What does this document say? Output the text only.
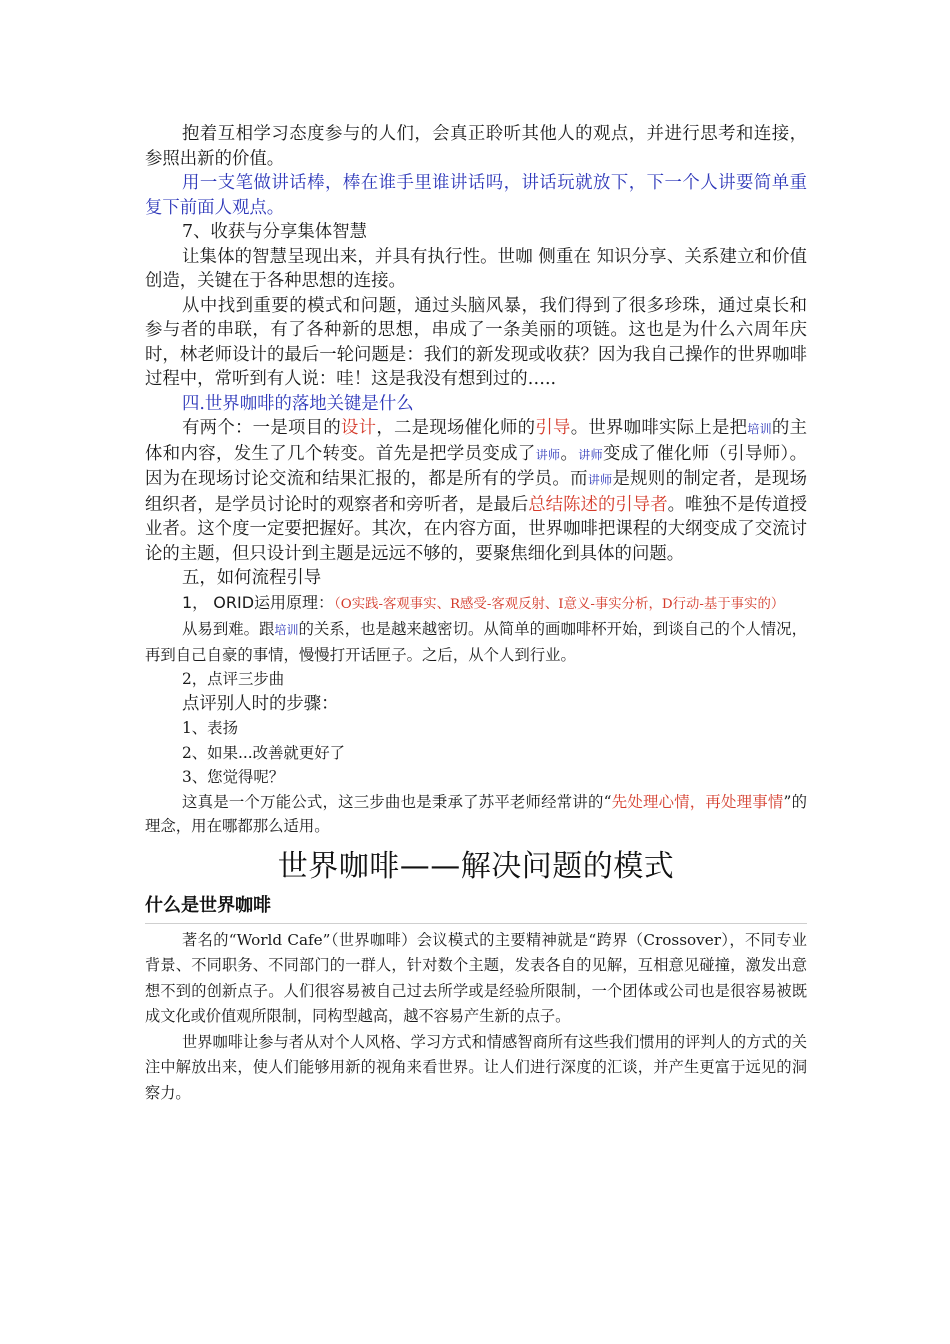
抱着互相学习态度参与的人们，会真正聆听其他人的观点，并进行思考和连接，参照出新的价值。

用一支笔做讲话棒，棒在谁手里谁讲话吗，讲话玩就放下，下一个人讲要简单重复下前面人观点。

7、收获与分享集体智慧

让集体的智慧呈现出来，并具有执行性。世咖 侧重在 知识分享、关系建立和价值创造，关键在于各种思想的连接。

从中找到重要的模式和问题，通过头脑风暴，我们得到了很多珍珠，通过桌长和参与者的串联，有了各种新的思想，串成了一条美丽的项链。这也是为什么六周年庆时，林老师设计的最后一轮问题是：我们的新发现或收获？因为我自己操作的世界咖啡过程中，常听到有人说：哇！这是我没有想到过的…..

四.世界咖啡的落地关键是什么

有两个：一是项目的设计，二是现场催化师的引导。世界咖啡实际上是把培训的主体和内容，发生了几个转变。首先是把学员变成了讲师。讲师变成了催化师（引导师）。因为在现场讨论交流和结果汇报的，都是所有的学员。而讲师是规则的制定者，是现场组织者，是学员讨论时的观察者和旁听者，是最后总结陈述的引导者。唯独不是传道授业者。这个度一定要把握好。其次，在内容方面，世界咖啡把课程的大纲变成了交流讨论的主题，但只设计到主题是远远不够的，要聚焦细化到具体的问题。

五，如何流程引导

1， ORID运用原理：（O实践-客观事实、R感受-客观反射、I意义-事实分析，D行动-基于事实的）

从易到难。跟培训的关系，也是越来越密切。从简单的画咖啡杯开始，到谈自己的个人情况，再到自己自豪的事情，慢慢打开话匣子。之后，从个人到行业。

2，点评三步曲

点评别人时的步骤：

1、表扬

2、如果...改善就更好了

3、您觉得呢？

这真是一个万能公式，这三步曲也是秉承了苏平老师经常讲的“先处理心情，再处理事情”的理念，用在哪都那么适用。

世界咖啡——解决问题的模式
什么是世界咖啡

著名的“World Cafe”（世界咖啡）会议模式的主要精神就是“跨界（Crossover），不同专业背景、不同职务、不同部门的一群人，针对数个主题，发表各自的见解，互相意见碰撞，激发出意想不到的创新点子。人们很容易被自己过去所学或是经验所限制，一个团体或公司也是很容易被既成文化或价值观所限制，同构型越高，越不容易产生新的点子。

世界咖啡让参与者从对个人风格、学习方式和情感智商所有这些我们惯用的评判人的方式的关注中解放出来，使人们能够用新的视角来看世界。让人们进行深度的汇谈，并产生更富于远见的洞察力。
